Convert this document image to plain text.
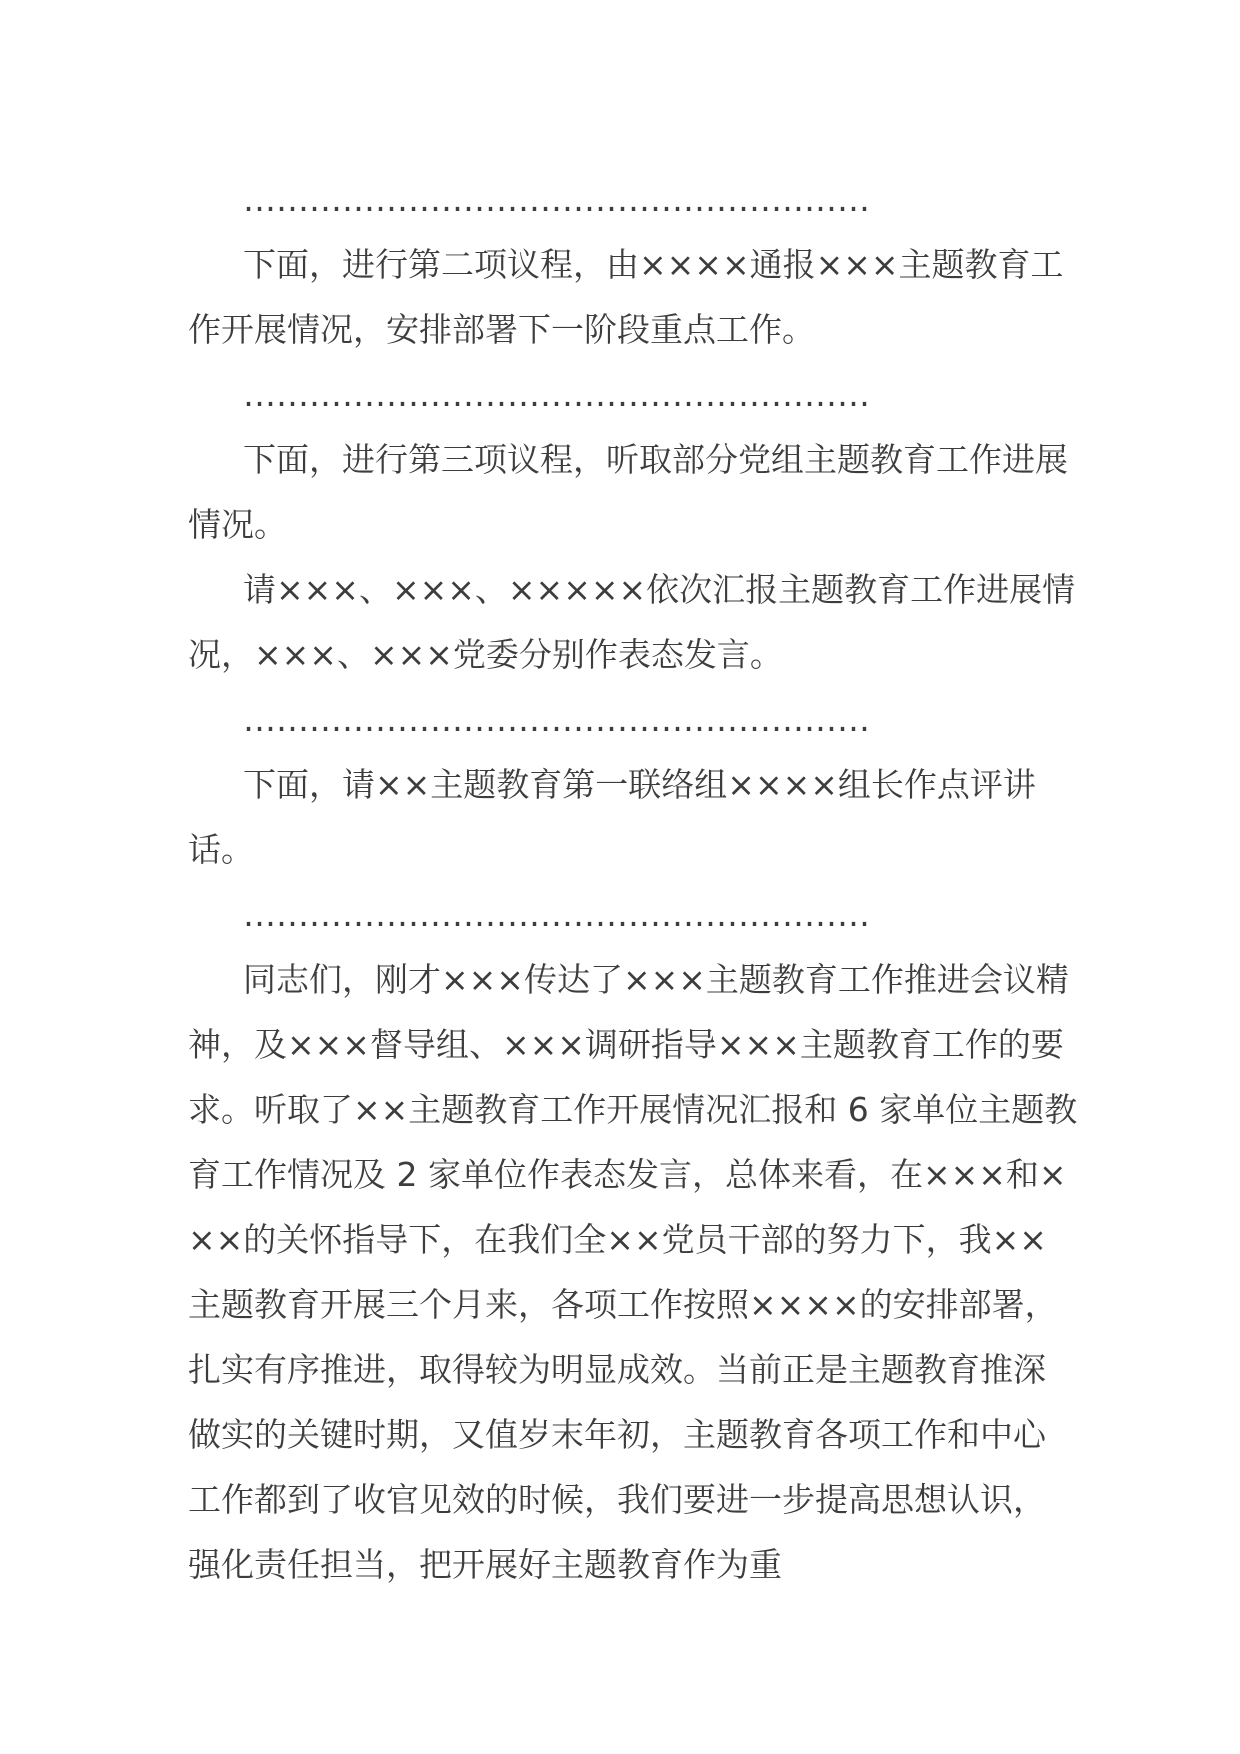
…………………………………………………

下面，进行第二项议程，由××××通报×××主题教育工作开展情况，安排部署下一阶段重点工作。

…………………………………………………

下面，进行第三项议程，听取部分党组主题教育工作进展情况。

请×××、×××、×××××依次汇报主题教育工作进展情况，×××、×××党委分别作表态发言。

…………………………………………………

下面，请××主题教育第一联络组××××组长作点评讲话。

…………………………………………………

同志们，刚才×××传达了×××主题教育工作推进会议精神，及×××督导组、×××调研指导×××主题教育工作的要求。听取了××主题教育工作开展情况汇报和 6 家单位主题教育工作情况及 2 家单位作表态发言，总体来看，在×××和×××的关怀指导下，在我们全××党员干部的努力下，我××主题教育开展三个月来，各项工作按照××××的安排部署，扎实有序推进，取得较为明显成效。当前正是主题教育推深做实的关键时期，又值岁末年初，主题教育各项工作和中心工作都到了收官见效的时候，我们要进一步提高思想认识，强化责任担当，把开展好主题教育作为重
